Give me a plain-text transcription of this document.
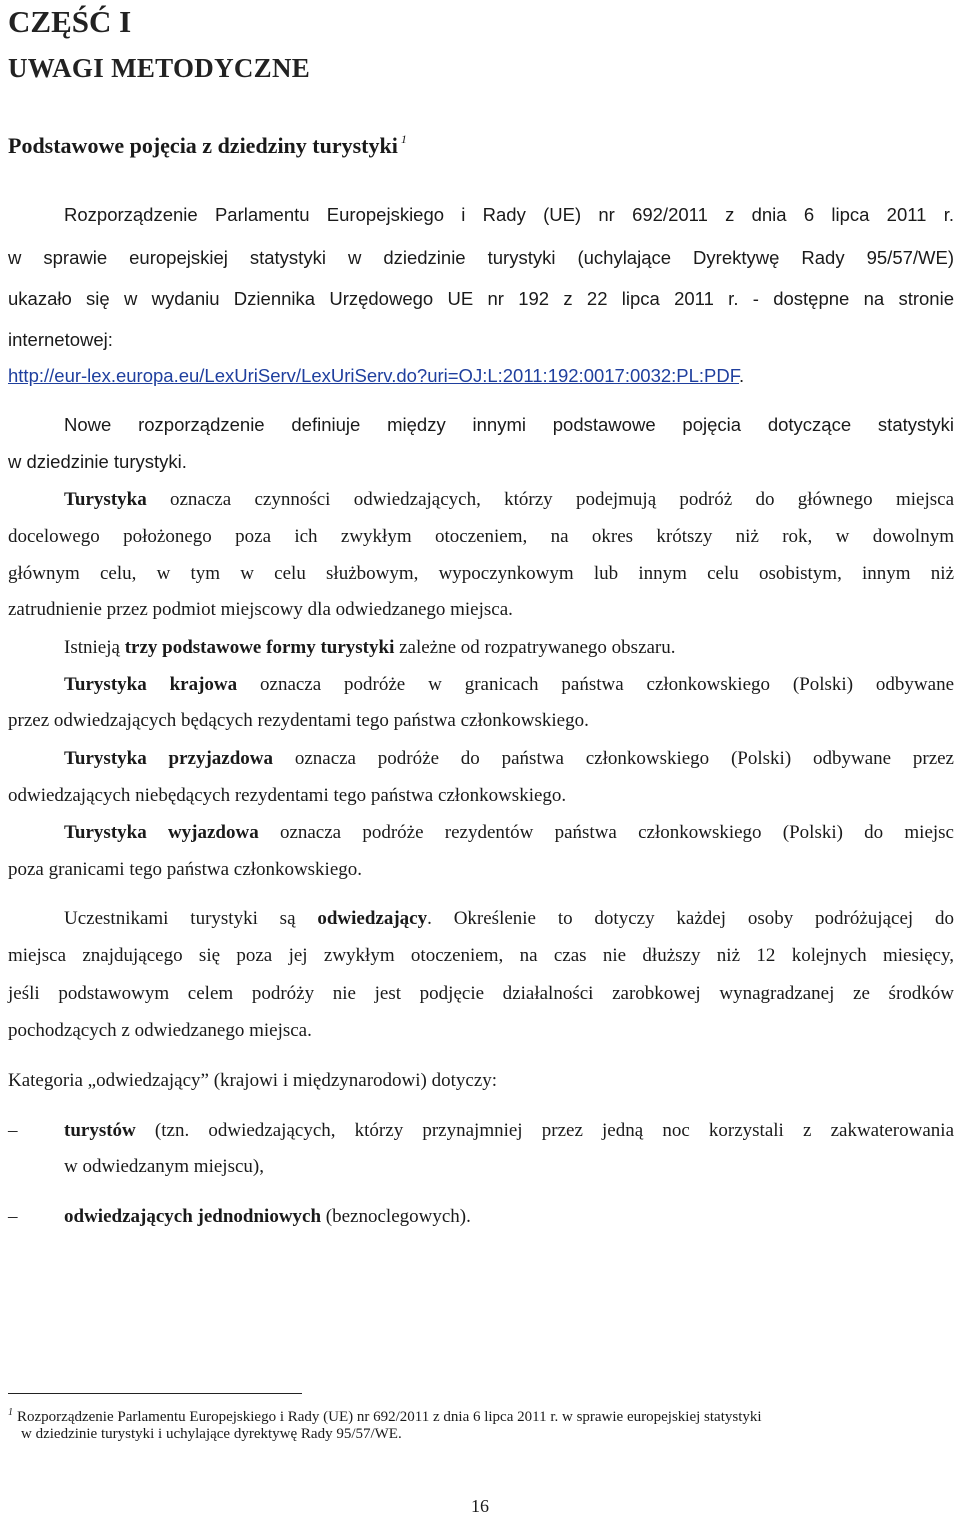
CZĘŚĆ I
UWAGI METODYCZNE
Podstawowe pojęcia z dziedziny turystyki $^1$
Rozporządzenie Parlamentu Europejskiego i Rady (UE) nr 692/2011 z dnia 6 lipca 2011 r.
w sprawie europejskiej statystyki w dziedzinie turystyki (uchylające Dyrektywę Rady 95/57/WE)
ukazało się w wydaniu Dziennika Urzędowego UE nr 192 z 22 lipca 2011 r. - dostępne na stronie
internetowej:
http://eur-lex.europa.eu/LexUriServ/LexUriServ.do?uri=OJ:L:2011:192:0017:0032:PL:PDF.
Nowe rozporządzenie definiuje między innymi podstawowe pojęcia dotyczące statystyki
w dziedzinie turystyki.
Turystyka oznacza czynności odwiedzających, którzy podejmują podróż do głównego miejsca
docelowego położonego poza ich zwykłym otoczeniem, na okres krótszy niż rok, w dowolnym
głównym celu, w tym w celu służbowym, wypoczynkowym lub innym celu osobistym, innym niż
zatrudnienie przez podmiot miejscowy dla odwiedzanego miejsca.
Istnieją trzy podstawowe formy turystyki zależne od rozpatrywanego obszaru.
Turystyka krajowa oznacza podróże w granicach państwa członkowskiego (Polski) odbywane
przez odwiedzających będących rezydentami tego państwa członkowskiego.
Turystyka przyjazdowa oznacza podróże do państwa członkowskiego (Polski) odbywane przez
odwiedzających niebędących rezydentami tego państwa członkowskiego.
Turystyka wyjazdowa oznacza podróże rezydentów państwa członkowskiego (Polski) do miejsc
poza granicami tego państwa członkowskiego.
Uczestnikami turystyki są odwiedzający. Określenie to dotyczy każdej osoby podróżującej do
miejsca znajdującego się poza jej zwykłym otoczeniem, na czas nie dłuższy niż 12 kolejnych miesięcy,
jeśli podstawowym celem podróży nie jest podjęcie działalności zarobkowej wynagradzanej ze środków
pochodzących z odwiedzanego miejsca.
Kategoria „odwiedzający” (krajowi i międzynarodowi) dotyczy:
– turystów (tzn. odwiedzających, którzy przynajmniej przez jedną noc korzystali z zakwaterowania
w odwiedzanym miejscu),
– odwiedzających jednodniowych (beznoclegowych).
$^1$ Rozporządzenie Parlamentu Europejskiego i Rady (UE) nr 692/2011 z dnia 6 lipca 2011 r. w sprawie europejskiej statystyki
w dziedzinie turystyki i uchylające dyrektywę Rady 95/57/WE.
16
